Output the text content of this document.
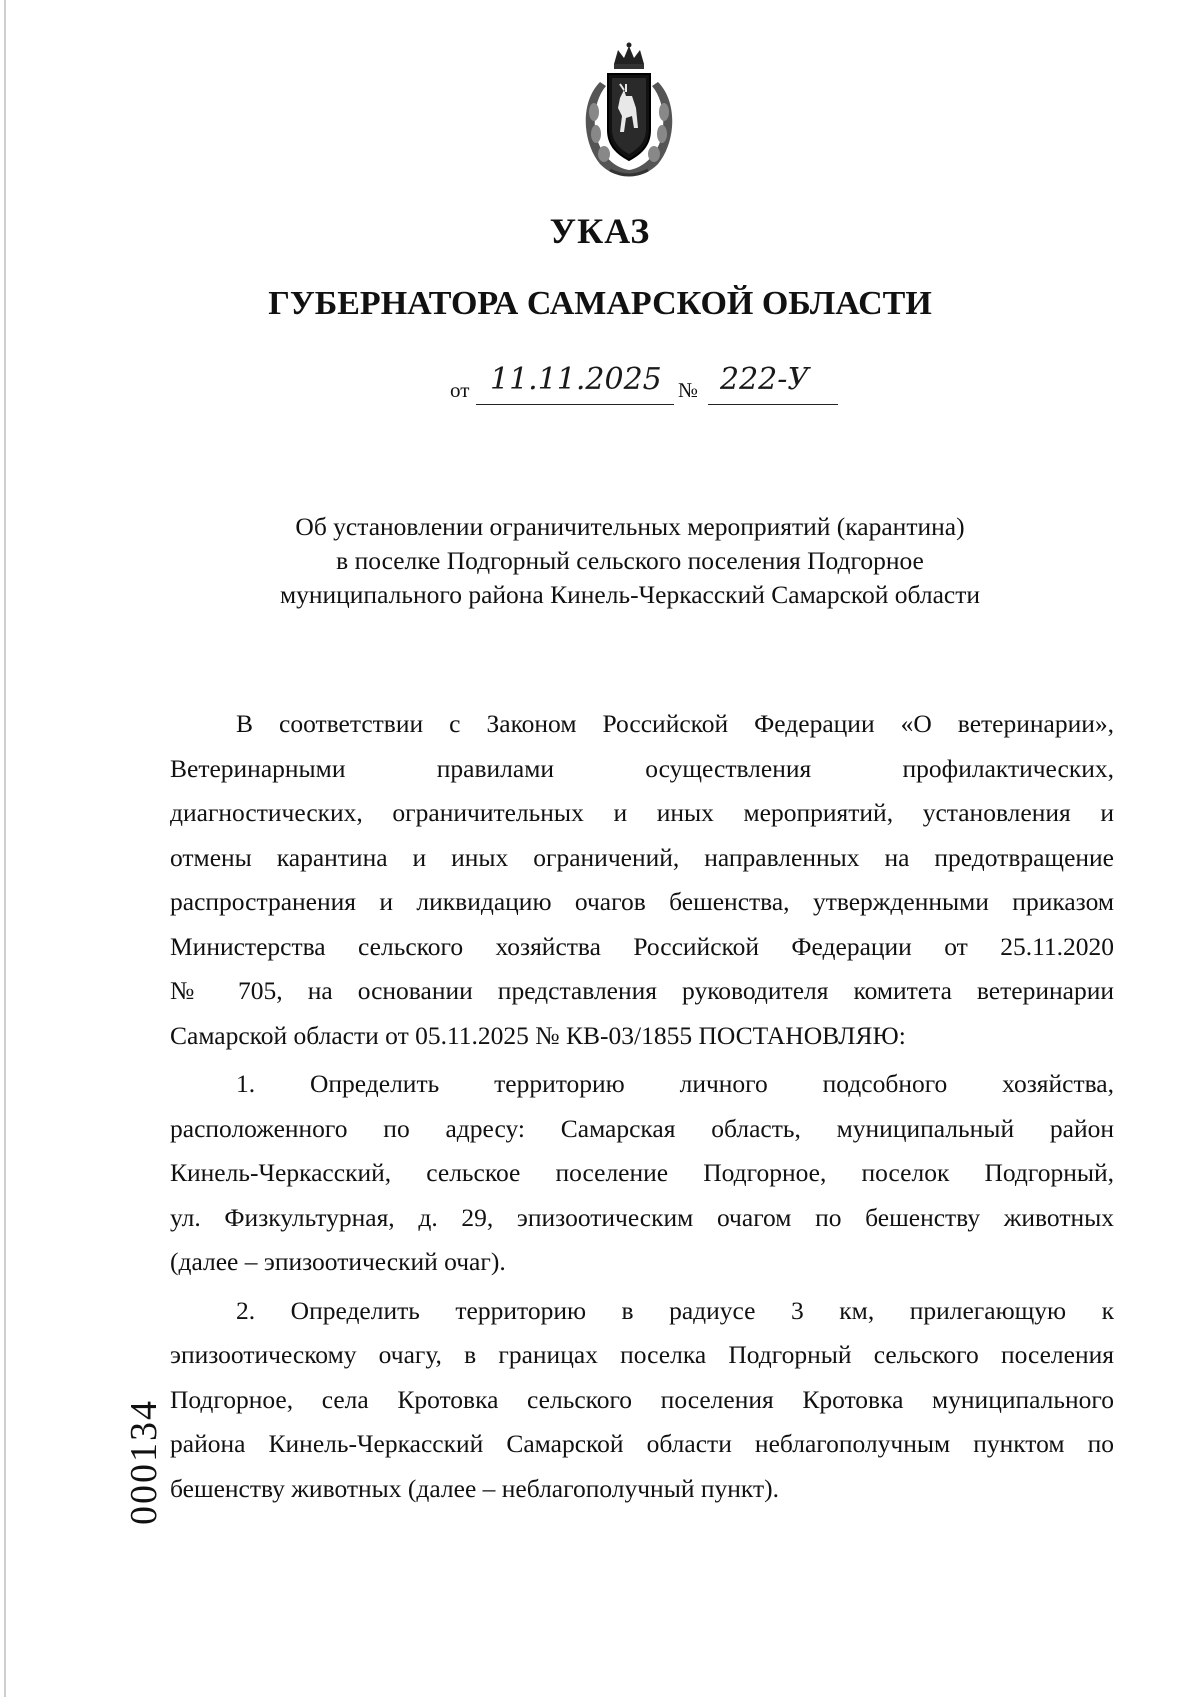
УКАЗ
ГУБЕРНАТОРА САМАРСКОЙ ОБЛАСТИ
от 11.11.2025 № 222-У
Об установлении ограничительных мероприятий (карантина)
в поселке Подгорный сельского поселения Подгорное
муниципального района Кинель-Черкасский Самарской области
В соответствии с Законом Российской Федерации «О ветеринарии»,
Ветеринарными правилами осуществления профилактических,
диагностических, ограничительных и иных мероприятий, установления и
отмены карантина и иных ограничений, направленных на предотвращение
распространения и ликвидацию очагов бешенства, утвержденными приказом
Министерства сельского хозяйства Российской Федерации от 25.11.2020
№ 705, на основании представления руководителя комитета ветеринарии
Самарской области от 05.11.2025 № КВ-03/1855 ПОСТАНОВЛЯЮ:
1. Определить территорию личного подсобного хозяйства,
расположенного по адресу: Самарская область, муниципальный район
Кинель-Черкасский, сельское поселение Подгорное, поселок Подгорный,
ул. Физкультурная, д. 29, эпизоотическим очагом по бешенству животных
(далее – эпизоотический очаг).
2. Определить территорию в радиусе 3 км, прилегающую к
эпизоотическому очагу, в границах поселка Подгорный сельского поселения
Подгорное, села Кротовка сельского поселения Кротовка муниципального
района Кинель-Черкасский Самарской области неблагополучным пунктом по
бешенству животных (далее – неблагополучный пункт).
000134
